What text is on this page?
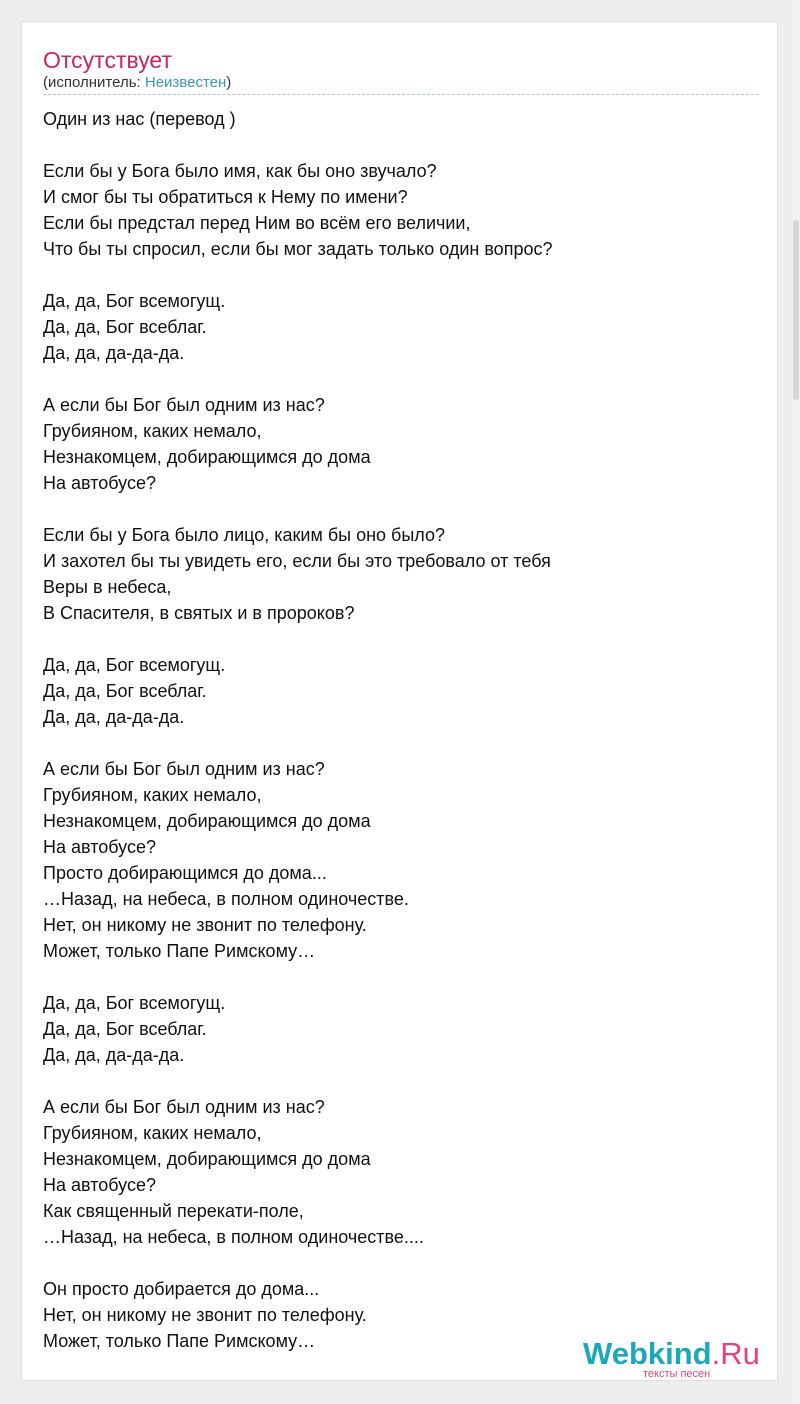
Отсутствует
(исполнитель: Неизвестен)
Один из нас (перевод )
Если бы у Бога было имя, как бы оно звучало?
И смог бы ты обратиться к Нему по имени?
Если бы предстал перед Ним во всём его величии,
Что бы ты спросил, если бы мог задать только один вопрос?
Да, да, Бог всемогущ.
Да, да, Бог всеблаг.
Да, да, да-да-да.
А если бы Бог был одним из нас?
Грубияном, каких немало,
Незнакомцем, добирающимся до дома
На автобусе?
Если бы у Бога было лицо, каким бы оно было?
И захотел бы ты увидеть его, если бы это требовало от тебя
Веры в небеса,
В Спасителя, в святых и в пророков?
Да, да, Бог всемогущ.
Да, да, Бог всеблаг.
Да, да, да-да-да.
А если бы Бог был одним из нас?
Грубияном, каких немало,
Незнакомцем, добирающимся до дома
На автобусе?
Просто добирающимся до дома...
…Назад, на небеса, в полном одиночестве.
Нет, он никому не звонит по телефону.
Может, только Папе Римскому…
Да, да, Бог всемогущ.
Да, да, Бог всеблаг.
Да, да, да-да-да.
А если бы Бог был одним из нас?
Грубияном, каких немало,
Незнакомцем, добирающимся до дома
На автобусе?
Как священный перекати-поле,
…Назад, на небеса, в полном одиночестве....
Он просто добирается до дома...
Нет, он никому не звонит по телефону.
Может, только Папе Римскому…	Webkind.Ru
тексты песен
